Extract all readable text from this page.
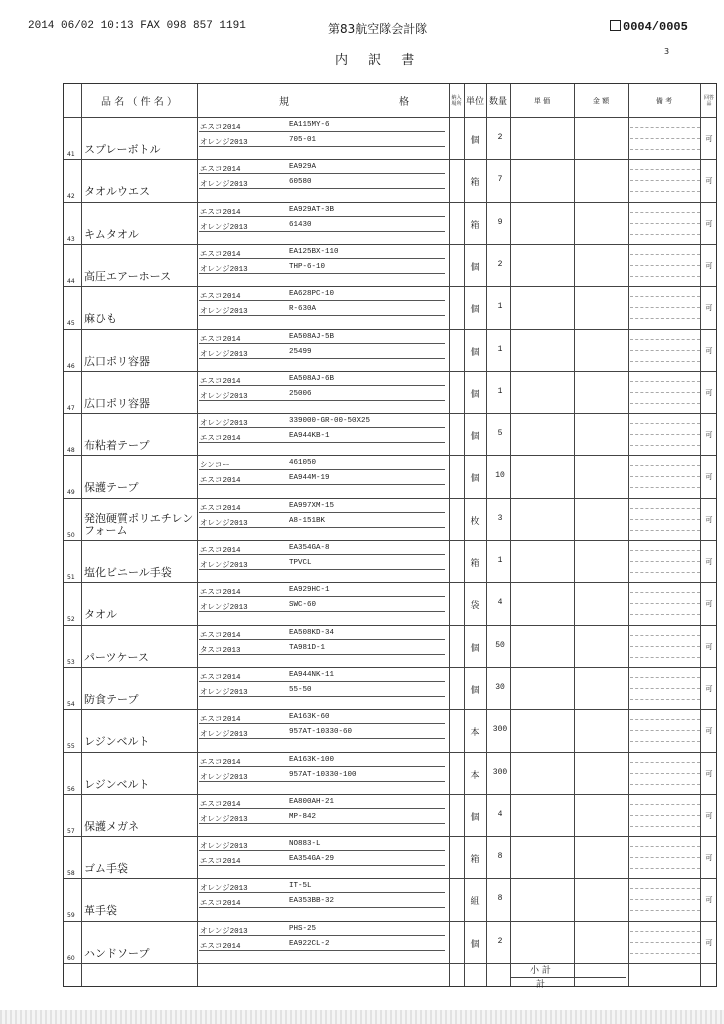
2014 06/02 10:13 FAX 098 857 1191	第83航空隊会計隊	0004/0005
内 訳 書
3
品 名 （ 件 名 ）	規	格	納入
場所 単位 数量	単 価	金 額	備 考	回答
品
41 スプレーボトル
エスコ2014	EA115MY-6
オレンジ2013	705-01	個	2	可
42 タオルウエス
エスコ2014	EA929A
オレンジ2013	60580	箱	7	可
43 キムタオル
エスコ2014	EA929AT-3B
オレンジ2013	61430	箱	9	可
44 高圧エアーホース
エスコ2014	EA125BX-110
オレンジ2013	THP-6-10	個	2	可
45 麻ひも
エスコ2014	EA628PC-10
オレンジ2013	R-630A	個	1	可
46 広口ポリ容器
エスコ2014	EA508AJ-5B
オレンジ2013	25499	個	1	可
47 広口ポリ容器
エスコ2014	EA508AJ-6B
オレンジ2013	25006	個	1	可
48 布粘着テープ
オレンジ2013	339000-GR-00-50X25
エスコ2014	EA944KB-1	個	5	可
49 保護テープ
シンコー	461050
エスコ2014	EA944M-19	個	10	可
50
発泡硬質ポリエチレンフォーム
エスコ2014	EA997XM-15
オレンジ2013	A8-151BK	枚	3	可
51 塩化ビニール手袋
エスコ2014	EA354GA-8
オレンジ2013	TPVCL	箱	1	可
52 タオル
エスコ2014	EA929HC-1
オレンジ2013	SWC-60	袋	4	可
53 パーツケース
エスコ2014	EA508KD-34
タスコ2013	TA981D-1	個	50	可
54 防食テープ
エスコ2014	EA944NK-11
オレンジ2013	55-50	個	30	可
55 レジンベルト
エスコ2014	EA163K-60
オレンジ2013	957AT-10330-60	本	300	可
56 レジンベルト
エスコ2014	EA163K-100
オレンジ2013	957AT-10330-100	本	300	可
57 保護メガネ
エスコ2014	EA800AH-21
オレンジ2013	MP-842	個	4	可
58 ゴム手袋
オレンジ2013	NO883-L
エスコ2014	EA354GA-29	箱	8	可
59 革手袋
オレンジ2013	IT-5L
エスコ2014	EA353BB-32	組	8	可
60 ハンドソープ
オレンジ2013	PHS-25
エスコ2014	EA922CL-2	個	2	可
小 計
計
